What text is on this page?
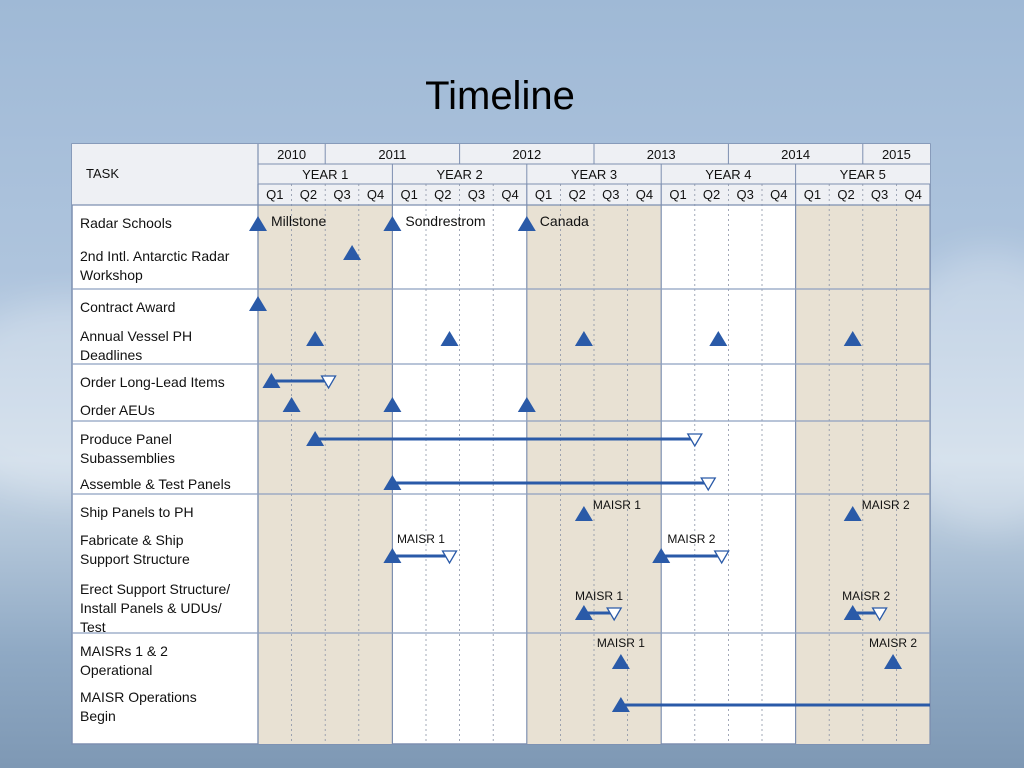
Timeline
2010	2011	2012	2013	2014	2015
YEAR 1	YEAR 2	YEAR 3	YEAR 4	YEAR 5
Q1 Q2 Q3 Q4 Q1 Q2 Q3 Q4 Q1 Q2 Q3 Q4 Q1 Q2 Q3 Q4 Q1 Q2 Q3 Q4
TASK
Radar Schools
2nd Intl. Antarctic Radar
Workshop
Contract Award
Annual Vessel PH
Deadlines
Order Long-Lead Items
Order AEUs
Produce Panel
Subassemblies
Assemble & Test Panels
Ship Panels to PH
Fabricate & Ship
Support Structure
Erect Support Structure/
Install Panels & UDUs/
Test
MAISRs 1 & 2
Operational
MAISR Operations
Begin
Millstone	Sondrestrom	Canada
MAISR 1	MAISR 2
MAISR 1	MAISR 2
MAISR 1	MAISR 2
MAISR 1	MAISR 2
